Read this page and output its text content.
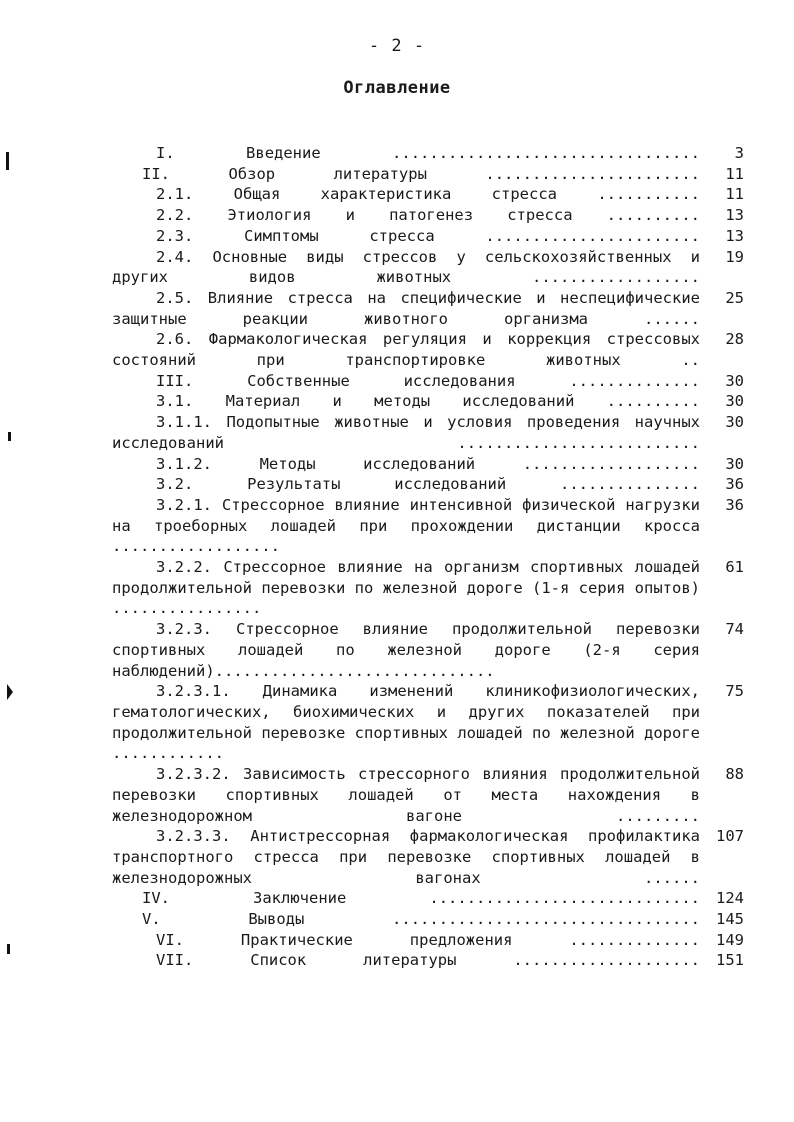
- 2 -
Оглавление
I. Введение .................................	3
II. Обзор литературы .......................	11
2.1. Общая характеристика стресса ...........	11
2.2. Этиология и патогенез стресса ..........	13
2.3. Симптомы стресса .......................	13
2.4. Основные виды стрессов у сельскохозяйственных и других видов животных ..................
19
2.5. Влияние стресса на специфические и неспецифические защитные реакции животного организма ......
25
2.6. Фармакологическая регуляция и коррекция стрессовых состояний при транспортировке животных ..
28
III. Собственные исследования ..............	30
3.1. Материал и методы исследований ..........	30
3.1.1. Подопытные животные и условия проведения научных исследований ..........................
30
3.1.2. Методы исследований ...................	30
3.2. Результаты исследований ...............	36
3.2.1. Стрессорное влияние интенсивной физической нагрузки на троеборных лошадей при прохождении дистанции кросса ..................
36
3.2.2. Стрессорное влияние на организм спортивных лошадей продолжительной перевозки по железной дороге (1-я серия опытов) ................
61
3.2.3. Стрессорное влияние продолжительной перевозки спортивных лошадей по железной дороге (2-я серия наблюдений)..............................
74
3.2.3.1. Динамика изменений клиникофизиологических, гематологических, биохимических и других показателей при продолжительной перевозке спортивных лошадей по железной дороге ............
75
3.2.3.2. Зависимость стрессорного влияния продолжительной перевозки спортивных лошадей от места нахождения в железнодорожном вагоне .........
88
3.2.3.3. Антистрессорная фармакологическая профилактика транспортного стресса при перевозке спортивных лошадей в железнодорожных вагонах ......
107
IV. Заключение .............................	124
V. Выводы .................................	145
VI. Практические предложения ..............	149
VII. Список литературы ....................	151
